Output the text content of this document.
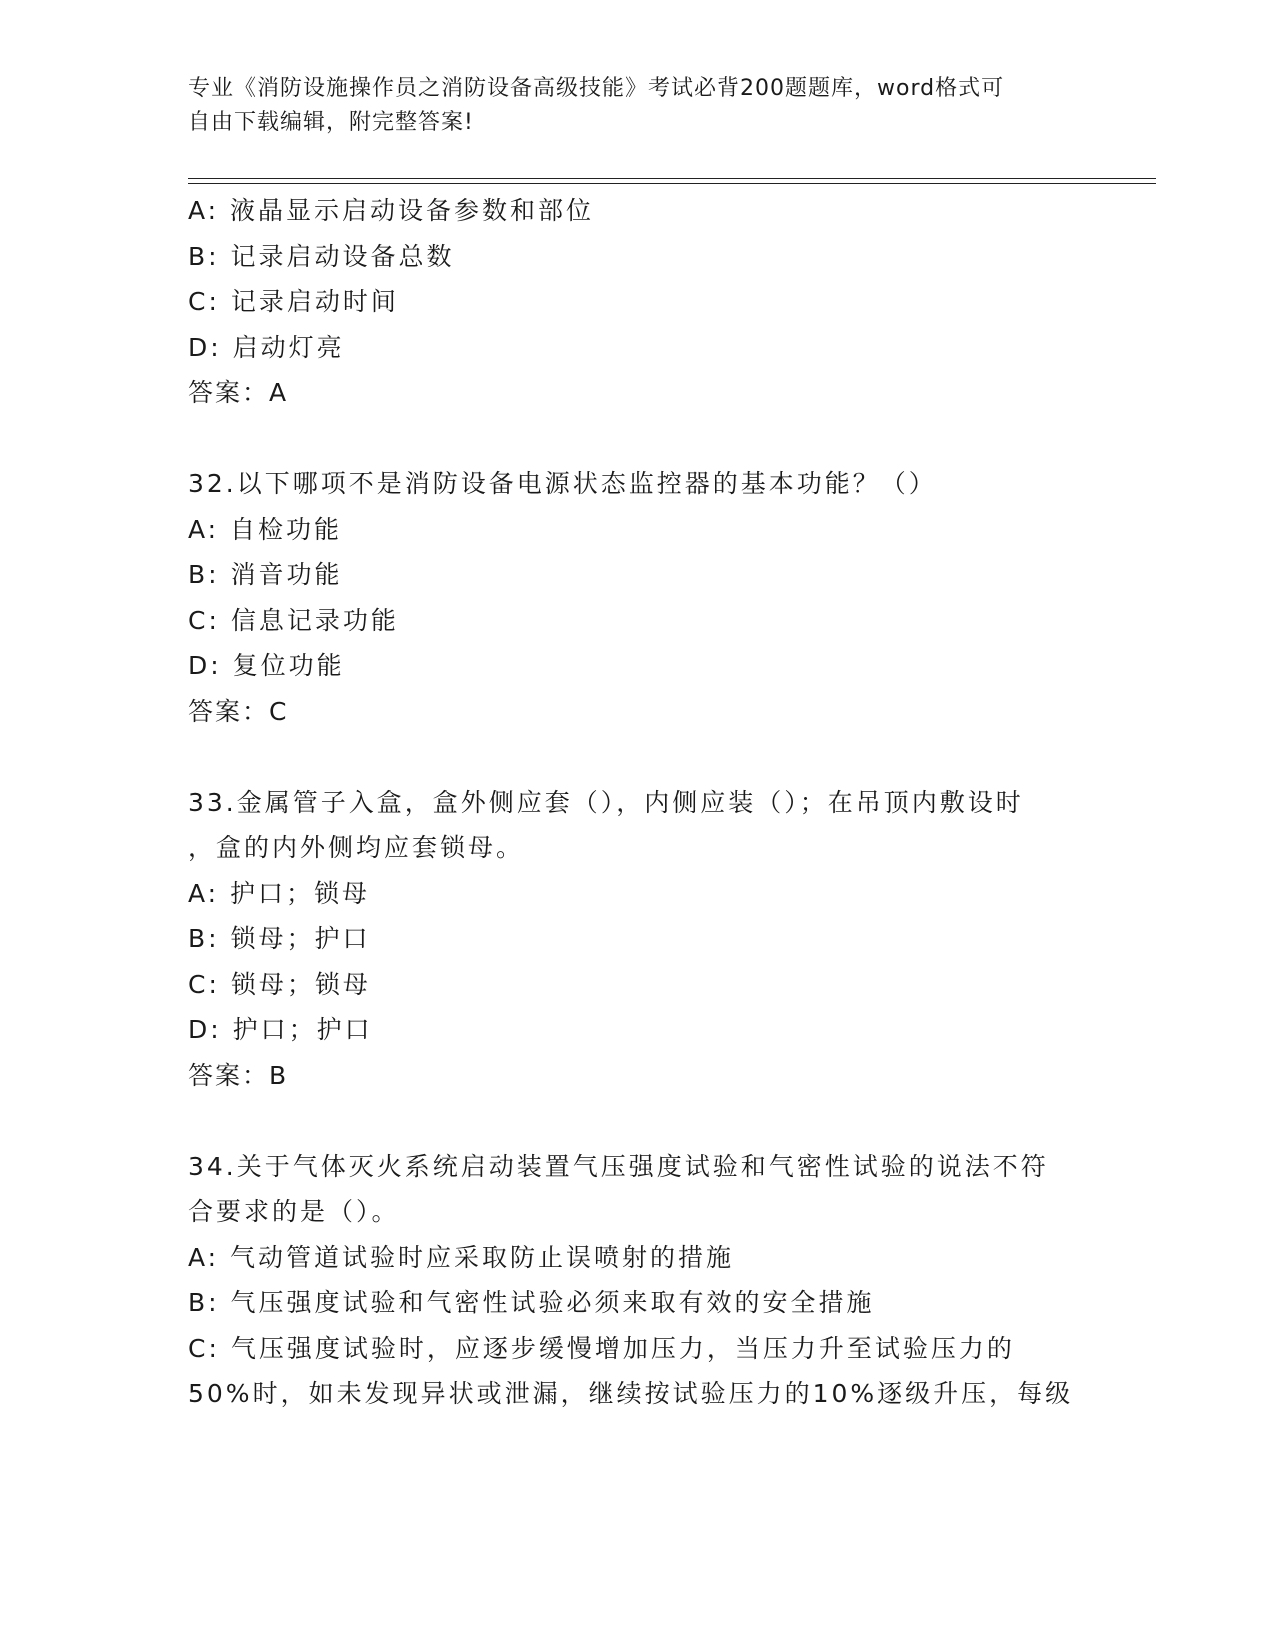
专业《消防设施操作员之消防设备高级技能》考试必背200题题库，word格式可
自由下载编辑，附完整答案!
A: 液晶显示启动设备参数和部位
B: 记录启动设备总数
C: 记录启动时间
D: 启动灯亮
答案：A
32.以下哪项不是消防设备电源状态监控器的基本功能？（）
A: 自检功能
B: 消音功能
C: 信息记录功能
D: 复位功能
答案：C
33.金属管子入盒，盒外侧应套（），内侧应装（）；在吊顶内敷设时
，盒的内外侧均应套锁母。
A: 护口；锁母
B: 锁母；护口
C: 锁母；锁母
D: 护口；护口
答案：B
34.关于气体灭火系统启动装置气压强度试验和气密性试验的说法不符
合要求的是（）。
A: 气动管道试验时应采取防止误喷射的措施
B: 气压强度试验和气密性试验必须来取有效的安全措施
C: 气压强度试验时，应逐步缓慢增加压力，当压力升至试验压力的
50%时，如未发现异状或泄漏，继续按试验压力的10%逐级升压，每级
